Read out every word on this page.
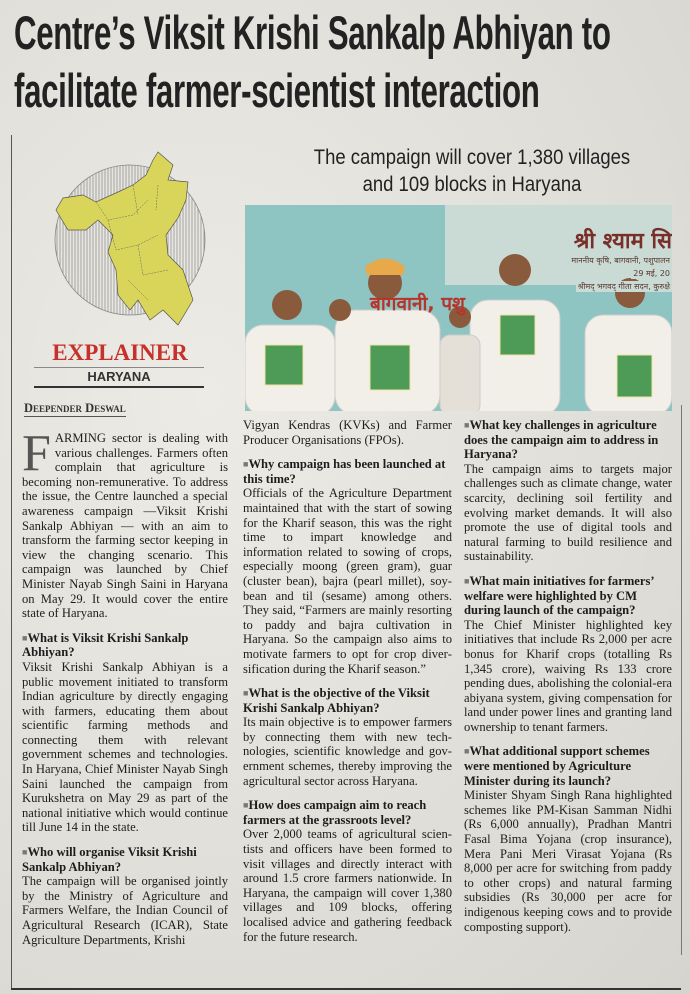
Centre’s Viksit Krishi Sankalp Abhiyan to
facilitate farmer-scientist interaction
The campaign will cover 1,380 villages
and 109 blocks in Haryana
EXPLAINER
HARYANA
Deepender Deswal
श्री श्याम सि
माननीय कृषि, बागवानी, पशुपालन
29 मई, 20
श्रीमद् भगवद् गीता सदन, कुरुक्षे
बागवानी, पशु

FARMING sector is dealing with various challenges. Farmers often complain that agriculture is becoming non-remunerative. To address the issue, the Centre launched a special awareness campaign —Viksit Krishi Sankalp Abhiyan — with an aim to transform the farming sector keeping in view the changing scenario. This campaign was launched by Chief Minister Nayab Singh Saini in Haryana on May 29. It would cover the entire state of Haryana.

■ What is Viksit Krishi Sankalp Abhiyan?

Viksit Krishi Sankalp Abhiyan is a public movement initiated to transform Indian agriculture by directly engaging with farmers, educating them about scientific farming methods and connecting them with relevant government schemes and technologies. In Haryana, Chief Minister Nayab Singh Saini launched the campaign from Kurukshetra on May 29 as part of the national initiative which would continue till June 14 in the state.

■ Who will organise Viksit Krishi Sankalp Abhiyan?

The campaign will be organised jointly by the Ministry of Agriculture and Farmers Welfare, the Indian Council of Agricultural Research (ICAR), State Agriculture Departments, Krishi

Vigyan Kendras (KVKs) and Farmer Producer Organisations (FPOs).

■ Why campaign has been launched at this time?

Officials of the Agriculture Department maintained that with the start of sowing for the Kharif season, this was the right time to impart knowledge and information related to sowing of crops, especially moong (green gram), guar (cluster bean), bajra (pearl millet), soybean and til (sesame) among others. They said, “Farmers are mainly resorting to paddy and bajra cultivation in Haryana. So the campaign also aims to motivate farmers to opt for crop diversification during the Kharif season.”

■ What is the objective of the Viksit Krishi Sankalp Abhiyan?

Its main objective is to empower farmers by connecting them with new technologies, scientific knowledge and government schemes, thereby improving the agricultural sector across Haryana.

■ How does campaign aim to reach farmers at the grassroots level?

Over 2,000 teams of agricultural scientists and officers have been formed to visit villages and directly interact with around 1.5 crore farmers nationwide. In Haryana, the campaign will cover 1,380 villages and 109 blocks, offering localised advice and gathering feedback for the future research.

■ What key challenges in agriculture does the campaign aim to address in Haryana?

The campaign aims to targets major challenges such as climate change, water scarcity, declining soil fertility and evolving market demands. It will also promote the use of digital tools and natural farming to build resilience and sustainability.

■ What main initiatives for farmers’ welfare were highlighted by CM during launch of the campaign?

The Chief Minister highlighted key initiatives that include Rs 2,000 per acre bonus for Kharif crops (totalling Rs 1,345 crore), waiving Rs 133 crore pending dues, abolishing the colonial-era abiyana system, giving compensation for land under power lines and granting land ownership to tenant farmers.

■ What additional support schemes were mentioned by Agriculture Minister during its launch?

Minister Shyam Singh Rana highlighted schemes like PM-Kisan Samman Nidhi (Rs 6,000 annually), Pradhan Mantri Fasal Bima Yojana (crop insurance), Mera Pani Meri Virasat Yojana (Rs 8,000 per acre for switching from paddy to other crops) and natural farming subsidies (Rs 30,000 per acre for indigenous keeping cows and to provide composting support).
